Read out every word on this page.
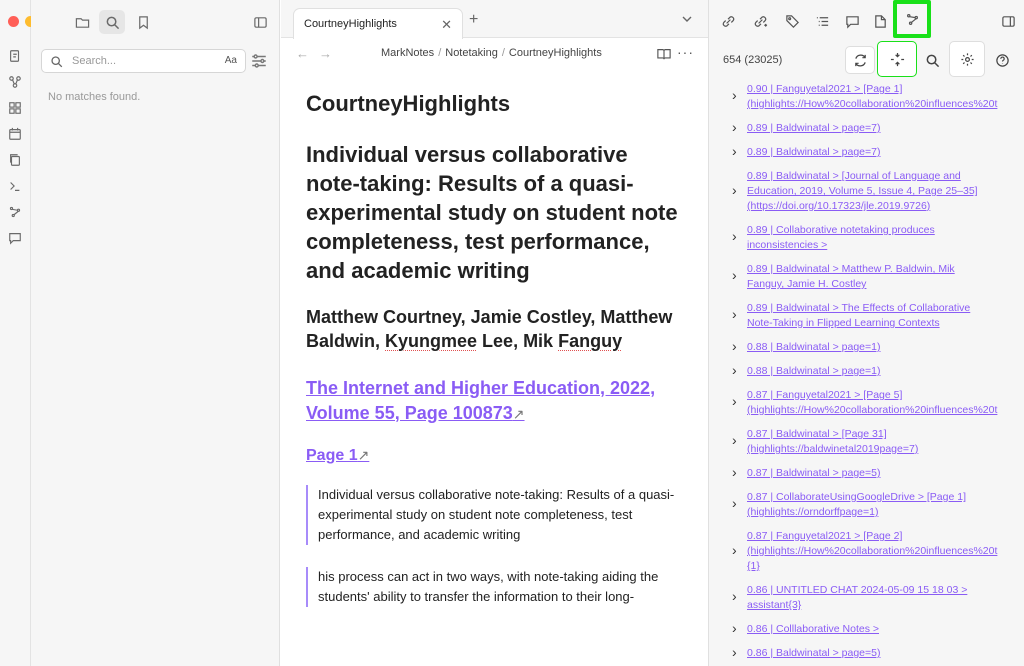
Search...
Aa
No matches found.
CourtneyHighlights	✕ +
← →	MarkNotes / Notetaking / CourtneyHighlights	···
CourtneyHighlights
Individual versus collaborative note-taking: Results of a quasi-experimental study on student note completeness, test performance, and academic writing
Matthew Courtney, Jamie Costley, Matthew Baldwin, Kyungmee Lee, Mik Fanguy
The Internet and Higher Education, 2022, Volume 55, Page 100873↗
Page 1↗
Individual versus collaborative note-taking: Results of a quasi-experimental study on student note completeness, test performance, and academic writing
his process can act in two ways, with note-taking aiding the students' ability to transfer the information to their long-
654 (23025)
› 0.90 | Fanguyetal2021 > [Page 1]
(highlights://How%20collaboration%20influences%20t
› 0.89 | Baldwinatal > page=7)
› 0.89 | Baldwinatal > page=7)
›
0.89 | Baldwinatal > [Journal of Language and
Education, 2019, Volume 5, Issue 4, Page 25–35]
(https://doi.org/10.17323/jle.2019.9726)
› 0.89 | Collaborative notetaking produces
inconsistencies >
› 0.89 | Baldwinatal > Matthew P. Baldwin, Mik
Fanguy, Jamie H. Costley
› 0.89 | Baldwinatal > The Effects of Collaborative
Note-Taking in Flipped Learning Contexts
› 0.88 | Baldwinatal > page=1)
› 0.88 | Baldwinatal > page=1)
› 0.87 | Fanguyetal2021 > [Page 5]
(highlights://How%20collaboration%20influences%20t
› 0.87 | Baldwinatal > [Page 31]
(highlights://baldwinetal2019page=7)
› 0.87 | Baldwinatal > page=5)
› 0.87 | CollaborateUsingGoogleDrive > [Page 1]
(highlights://orndorffpage=1)
›
0.87 | Fanguyetal2021 > [Page 2]
(highlights://How%20collaboration%20influences%20t
{1}
› 0.86 | UNTITLED CHAT 2024-05-09 15 18 03 >
assistant{3}
› 0.86 | Colllaborative Notes >
› 0.86 | Baldwinatal > page=5)
